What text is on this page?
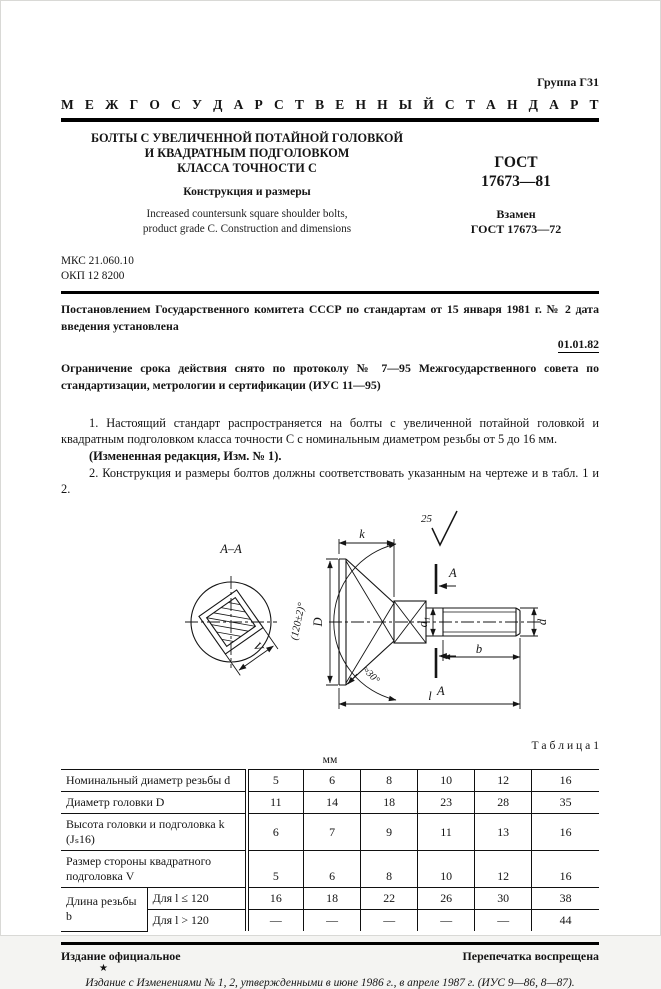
Группа Г31
М Е Ж Г О С У Д А Р С Т В Е Н Н Ы Й С Т А Н Д А Р Т
БОЛТЫ С УВЕЛИЧЕННОЙ ПОТАЙНОЙ ГОЛОВКОЙ
И КВАДРАТНЫМ ПОДГОЛОВКОМ
КЛАССА ТОЧНОСТИ С
Конструкция и размеры
Increased countersunk square shoulder bolts,
product grade C. Construction and dimensions
ГОСТ
17673—81
Взамен
ГОСТ 17673—72
МКС 21.060.10
ОКП 12 8200

Постановлением Государственного комитета СССР по стандартам от 15 января 1981 г. № 2 дата введения установлена

01.01.82

Ограничение срока действия снято по протоколу № 7—95 Межгосударственного совета по стандартизации, метрологии и сертификации (ИУС 11—95)

1. Настоящий стандарт распространяется на болты с увеличенной потайной головкой и квадратным подголовком класса точности С с номинальным диаметром резьбы от 5 до 16 мм.

(Измененная редакция, Изм. № 1).

2. Конструкция и размеры болтов должны соответствовать указанным на чертеже и в табл. 1 и 2.

25
A–A
V
k
A
A
D
(120±2)°
≈30°
d₁	d
b
l
Т а б л и ц а 1
мм
Номинальный диаметр резьбы d		5	6	8	10	12	16
Диаметр головки D		11	14	18	23	28	35
Высота головки и подголовка k (Jₛ16)		6	7	9	11	13	16
Размер стороны квадратного подголовка V		5	6	8	10	12	16
Длина резьбы b	Для l ≤ 120	16	18	22	26	30	38
	Для l > 120	—	—	—	—	—	44
Издание официальное	Перепечатка воспрещена
★
Издание с Изменениями № 1, 2, утвержденными в июне 1986 г., в апреле 1987 г. (ИУС 9—86, 8—87).
